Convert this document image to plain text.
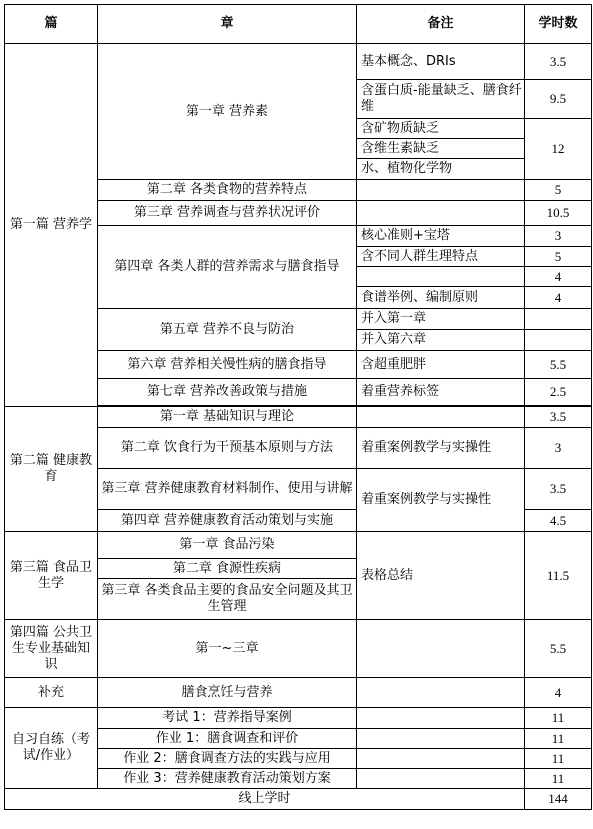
篇	章	备注	学时数
第一篇 营养学	第一章 营养素	基本概念、DRIs	3.5
		含蛋白质-能量缺乏、膳食纤维	9.5
		含矿物质缺乏	12
		含维生素缺乏	
		水、植物化学物	
	第二章 各类食物的营养特点		5
	第三章 营养调查与营养状况评价		10.5
	第四章 各类人群的营养需求与膳食指导	核心准则+宝塔	3
		含不同人群生理特点	5
			4
		食谱举例、编制原则	4
	第五章 营养不良与防治	并入第一章	
		并入第六章	
	第六章 营养相关慢性病的膳食指导	含超重肥胖	5.5
	第七章 营养改善政策与措施	着重营养标签	2.5

第二篇 健康教育	第一章 基础知识与理论		3.5
	第二章 饮食行为干预基本原则与方法	着重案例教学与实操性	3
	第三章 营养健康教育材料制作、使用与讲解	着重案例教学与实操性	3.5
	第四章 营养健康教育活动策划与实施		4.5
第三篇 食品卫生学	第一章 食品污染	表格总结	11.5
	第二章 食源性疾病		
	第三章 各类食品主要的食品安全问题及其卫生管理		
第四篇 公共卫生专业基础知识	第一~三章		5.5
补充	膳食烹饪与营养		4
自习自练（考试/作业）	考试 1：营养指导案例		11
	作业 1：膳食调查和评价		11
	作业 2：膳食调查方法的实践与应用		11
	作业 3：营养健康教育活动策划方案		11
线上学时			144
